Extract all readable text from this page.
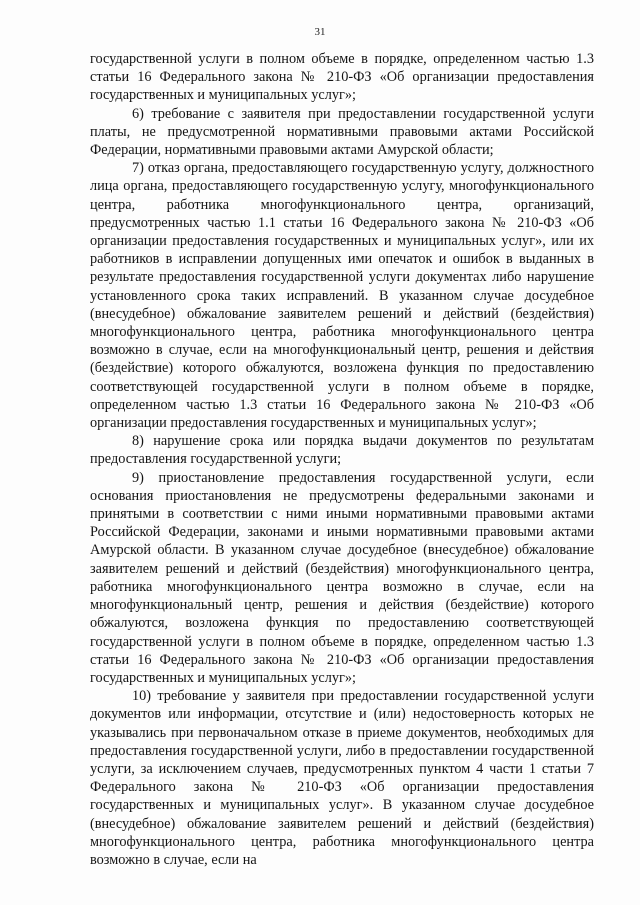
31

государственной услуги в полном объеме в порядке, определенном частью 1.3 статьи 16 Федерального закона № 210-ФЗ «Об организации предоставления государственных и муниципальных услуг»;

6) требование с заявителя при предоставлении государственной услуги платы, не предусмотренной нормативными правовыми актами Российской Федерации, нормативными правовыми актами Амурской области;

7) отказ органа, предоставляющего государственную услугу, должностного лица органа, предоставляющего государственную услугу, многофункционального центра, работника многофункционального центра, организаций, предусмотренных частью 1.1 статьи 16 Федерального закона № 210-ФЗ «Об организации предоставления государственных и муниципальных услуг», или их работников в исправлении допущенных ими опечаток и ошибок в выданных в результате предоставления государственной услуги документах либо нарушение установленного срока таких исправлений. В указанном случае досудебное (внесудебное) обжалование заявителем решений и действий (бездействия) многофункционального центра, работника многофункционального центра возможно в случае, если на многофункциональный центр, решения и действия (бездействие) которого обжалуются, возложена функция по предоставлению соответствующей государственной услуги в полном объеме в порядке, определенном частью 1.3 статьи 16 Федерального закона № 210-ФЗ «Об организации предоставления государственных и муниципальных услуг»;

8) нарушение срока или порядка выдачи документов по результатам предоставления государственной услуги;

9) приостановление предоставления государственной услуги, если основания приостановления не предусмотрены федеральными законами и принятыми в соответствии с ними иными нормативными правовыми актами Российской Федерации, законами и иными нормативными правовыми актами Амурской области. В указанном случае досудебное (внесудебное) обжалование заявителем решений и действий (бездействия) многофункционального центра, работника многофункционального центра возможно в случае, если на многофункциональный центр, решения и действия (бездействие) которого обжалуются, возложена функция по предоставлению соответствующей государственной услуги в полном объеме в порядке, определенном частью 1.3 статьи 16 Федерального закона № 210-ФЗ «Об организации предоставления государственных и муниципальных услуг»;

10) требование у заявителя при предоставлении государственной услуги документов или информации, отсутствие и (или) недостоверность которых не указывались при первоначальном отказе в приеме документов, необходимых для предоставления государственной услуги, либо в предоставлении государственной услуги, за исключением случаев, предусмотренных пунктом 4 части 1 статьи 7 Федерального закона № 210-ФЗ «Об организации предоставления государственных и муниципальных услуг». В указанном случае досудебное (внесудебное) обжалование заявителем решений и действий (бездействия) многофункционального центра, работника многофункционального центра возможно в случае, если на
